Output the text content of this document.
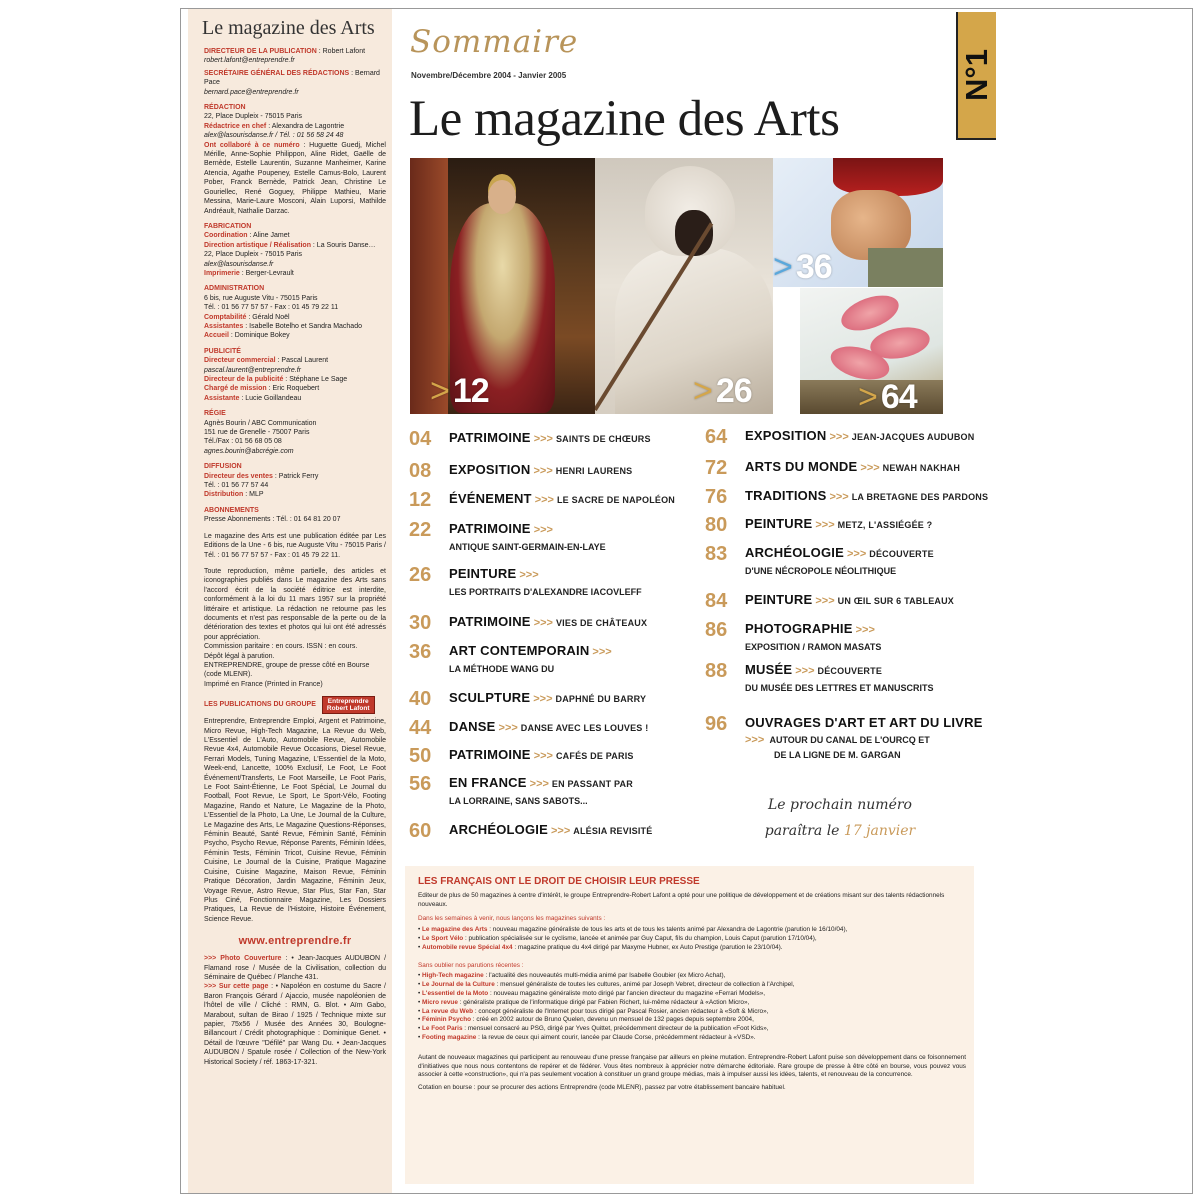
Le magazine des Arts

DIRECTEUR DE LA PUBLICATION : Robert Lafont

robert.lafont@entreprendre.fr

SECRÉTAIRE GÉNÉRAL DES RÉDACTIONS : Bernard Pace

bernard.pace@entreprendre.fr

RÉDACTION

22, Place Dupleix - 75015 Paris

Rédactrice en chef : Alexandra de Lagontrie

alex@lasourisdanse.fr / Tél. : 01 56 58 24 48

Ont collaboré à ce numéro : Huguette Guedj, Michel Mérille, Anne-Sophie Philippon, Aline Ridet, Gaëlle de Bernède, Estelle Laurentin, Suzanne Manheimer, Karine Atencia, Agathe Poupeney, Estelle Camus-Bolo, Laurent Pober, Franck Bernède, Patrick Jean, Christine Le Gouriellec, René Goguey, Philippe Mathieu, Marie Messina, Marie-Laure Mosconi, Alain Luporsi, Mathilde Andréault, Nathalie Darzac.

FABRICATION

Coordination : Aline Jamet

Direction artistique / Réalisation : La Souris Danse…

22, Place Dupleix - 75015 Paris

alex@lasourisdanse.fr

Imprimerie : Berger-Levrault

ADMINISTRATION

6 bis, rue Auguste Vitu - 75015 Paris

Tél. : 01 56 77 57 57 - Fax : 01 45 79 22 11

Comptabilité : Gérald Noël

Assistantes : Isabelle Botelho et Sandra Machado

Accueil : Dominique Bokey

PUBLICITÉ

Directeur commercial : Pascal Laurent

pascal.laurent@entreprendre.fr

Directeur de la publicité : Stéphane Le Sage

Chargé de mission : Eric Roquebert

Assistante : Lucie Goillandeau

RÉGIE

Agnès Bourin / ABC Communication

151 rue de Grenelle - 75007 Paris

Tél./Fax : 01 56 68 05 08

agnes.bourin@abcrégie.com

DIFFUSION

Directeur des ventes : Patrick Ferry

Tél. : 01 56 77 57 44

Distribution : MLP

ABONNEMENTS

Presse Abonnements : Tél. : 01 64 81 20 07

Le magazine des Arts est une publication éditée par Les Editions de la Une - 6 bis, rue Auguste Vitu - 75015 Paris / Tél. : 01 56 77 57 57 - Fax : 01 45 79 22 11.

Toute reproduction, même partielle, des articles et iconographies publiés dans Le magazine des Arts sans l'accord écrit de la société éditrice est interdite, conformément à la loi du 11 mars 1957 sur la propriété littéraire et artistique. La rédaction ne retourne pas les documents et n'est pas responsable de la perte ou de la détérioration des textes et photos qui lui ont été adressés pour appréciation.

Commission paritaire : en cours. ISSN : en cours.

Dépôt légal à parution.

ENTREPRENDRE, groupe de presse côté en Bourse (code MLENR).

Imprimé en France (Printed in France)

LES PUBLICATIONS DU GROUPE Entreprendre
Robert Lafont

Entreprendre, Entreprendre Emploi, Argent et Patrimoine, Micro Revue, High-Tech Magazine, La Revue du Web, L'Essentiel de L'Auto, Automobile Revue, Automobile Revue 4x4, Automobile Revue Occasions, Diesel Revue, Ferrari Models, Tuning Magazine, L'Essentiel de la Moto, Week-end, Lancette, 100% Exclusif, Le Foot, Le Foot Événement/Transferts, Le Foot Marseille, Le Foot Paris, Le Foot Saint-Étienne, Le Foot Spécial, Le Journal du Football, Foot Revue, Le Sport, Le Sport-Vélo, Footing Magazine, Rando et Nature, Le Magazine de la Photo, L'Essentiel de la Photo, La Une, Le Journal de la Culture, Le Magazine des Arts, Le Magazine Questions-Réponses, Féminin Beauté, Santé Revue, Féminin Santé, Féminin Psycho, Psycho Revue, Réponse Parents, Féminin Idées, Féminin Tests, Féminin Tricot, Cuisine Revue, Féminin Cuisine, Le Journal de la Cuisine, Pratique Magazine Cuisine, Cuisine Magazine, Maison Revue, Féminin Pratique Décoration, Jardin Magazine, Féminin Jeux, Voyage Revue, Astro Revue, Star Plus, Star Fan, Star Plus Ciné, Fonctionnaire Magazine, Les Dossiers Pratiques, La Revue de l'Histoire, Histoire Événement, Science Revue.

www.entreprendre.fr

>>> Photo Couverture : • Jean-Jacques AUDUBON / Flamand rose / Musée de la Civilisation, collection du Séminaire de Québec / Planche 431.

>>> Sur cette page : • Napoléon en costume du Sacre / Baron François Gérard / Ajaccio, musée napoléonien de l'hôtel de ville / Cliché : RMN, G. Blot. • Aïm Gabo, Marabout, sultan de Birao / 1925 / Technique mixte sur papier, 75x56 / Musée des Années 30, Boulogne-Billancourt / Crédit photographique : Dominique Genet. • Détail de l'œuvre "Défilé" par Wang Du. • Jean-Jacques AUDUBON / Spatule rosée / Collection of the New-York Historical Society / réf. 1863-17-321.

Sommaire
Novembre/Décembre 2004 - Janvier 2005
Le magazine des Arts
N°1
> 12	> 26
> 36
> 64
04 PATRIMOINE >>> SAINTS DE CHŒURS
08 EXPOSITION >>> HENRI LAURENS
12 ÉVÉNEMENT >>> LE SACRE DE NAPOLÉON
22 PATRIMOINE >>>
ANTIQUE SAINT-GERMAIN-EN-LAYE
26 PEINTURE >>>
LES PORTRAITS D'ALEXANDRE IACOVLEFF
30 PATRIMOINE >>> VIES DE CHÂTEAUX
36 ART CONTEMPORAIN >>>
LA MÉTHODE WANG DU
40 SCULPTURE >>> DAPHNÉ DU BARRY
44 DANSE >>> DANSE AVEC LES LOUVES !
50 PATRIMOINE >>> CAFÉS DE PARIS
56 EN FRANCE >>> EN PASSANT PAR
LA LORRAINE, SANS SABOTS...
60 ARCHÉOLOGIE >>> ALÉSIA REVISITÉ
64 EXPOSITION >>> JEAN-JACQUES AUDUBON
72 ARTS DU MONDE >>> NEWAH NAKHAH
76 TRADITIONS >>> LA BRETAGNE DES PARDONS
80 PEINTURE >>> METZ, L'ASSIÉGÉE ?
83 ARCHÉOLOGIE >>> DÉCOUVERTE
D'UNE NÉCROPOLE NÉOLITHIQUE
84 PEINTURE >>> UN ŒIL SUR 6 TABLEAUX
86 PHOTOGRAPHIE >>>
EXPOSITION / RAMON MASATS
88 MUSÉE >>> DÉCOUVERTE
DU MUSÉE DES LETTRES ET MANUSCRITS
96 OUVRAGES D'ART ET ART DU LIVRE
>>> AUTOUR DU CANAL DE L'OURCQ ET
DE LA LIGNE DE M. GARGAN
Le prochain numéro
paraîtra le 17 janvier
LES FRANÇAIS ONT LE DROIT DE CHOISIR LEUR PRESSE
Editeur de plus de 50 magazines à centre d'intérêt, le groupe Entreprendre-Robert Lafont a opté pour une politique de développement et de créations misant sur des talents rédactionnels nouveaux.
Dans les semaines à venir, nous lançons les magazines suivants :
• Le magazine des Arts : nouveau magazine généraliste de tous les arts et de tous les talents animé par Alexandra de Lagontrie (parution le 16/10/04),
• Le Sport Vélo : publication spécialisée sur le cyclisme, lancée et animée par Guy Caput, fils du champion, Louis Caput (parution 17/10/04),
• Automobile revue Spécial 4x4 : magazine pratique du 4x4 dirigé par Maxyme Hubner, ex Auto Prestige (parution le 23/10/04).
Sans oublier nos parutions récentes :
• High-Tech magazine : l'actualité des nouveautés multi-média animé par Isabelle Goubier (ex Micro Achat),
• Le Journal de la Culture : mensuel généraliste de toutes les cultures, animé par Joseph Vebret, directeur de collection à l'Archipel,
• L'essentiel de la Moto : nouveau magazine généraliste moto dirigé par l'ancien directeur du magazine «Ferrari Models»,
• Micro revue : généraliste pratique de l'informatique dirigé par Fabien Richert, lui-même rédacteur à «Action Micro»,
• La revue du Web : concept généraliste de l'Internet pour tous dirigé par Pascal Rosier, ancien rédacteur à «Soft & Micro»,
• Féminin Psycho : créé en 2002 autour de Bruno Quelen, devenu un mensuel de 132 pages depuis septembre 2004,
• Le Foot Paris : mensuel consacré au PSG, dirigé par Yves Quittet, précédemment directeur de la publication «Foot Kids»,
• Footing magazine : la revue de ceux qui aiment courir, lancée par Claude Corse, précédemment rédacteur à «VSD».
Autant de nouveaux magazines qui participent au renouveau d'une presse française par ailleurs en pleine mutation. Entreprendre-Robert Lafont puise son développement dans ce foisonnement d'initiatives que nous nous contentons de repérer et de fédérer. Vous êtes nombreux à apprécier notre démarche éditoriale. Rare groupe de presse à être côté en bourse, vous pouvez vous associer à cette «construction», qui n'a pas seulement vocation à constituer un grand groupe médias, mais à impulser aussi les idées, talents, et renouveau de la concurrence.
Cotation en bourse : pour se procurer des actions Entreprendre (code MLENR), passez par votre établissement bancaire habituel.
